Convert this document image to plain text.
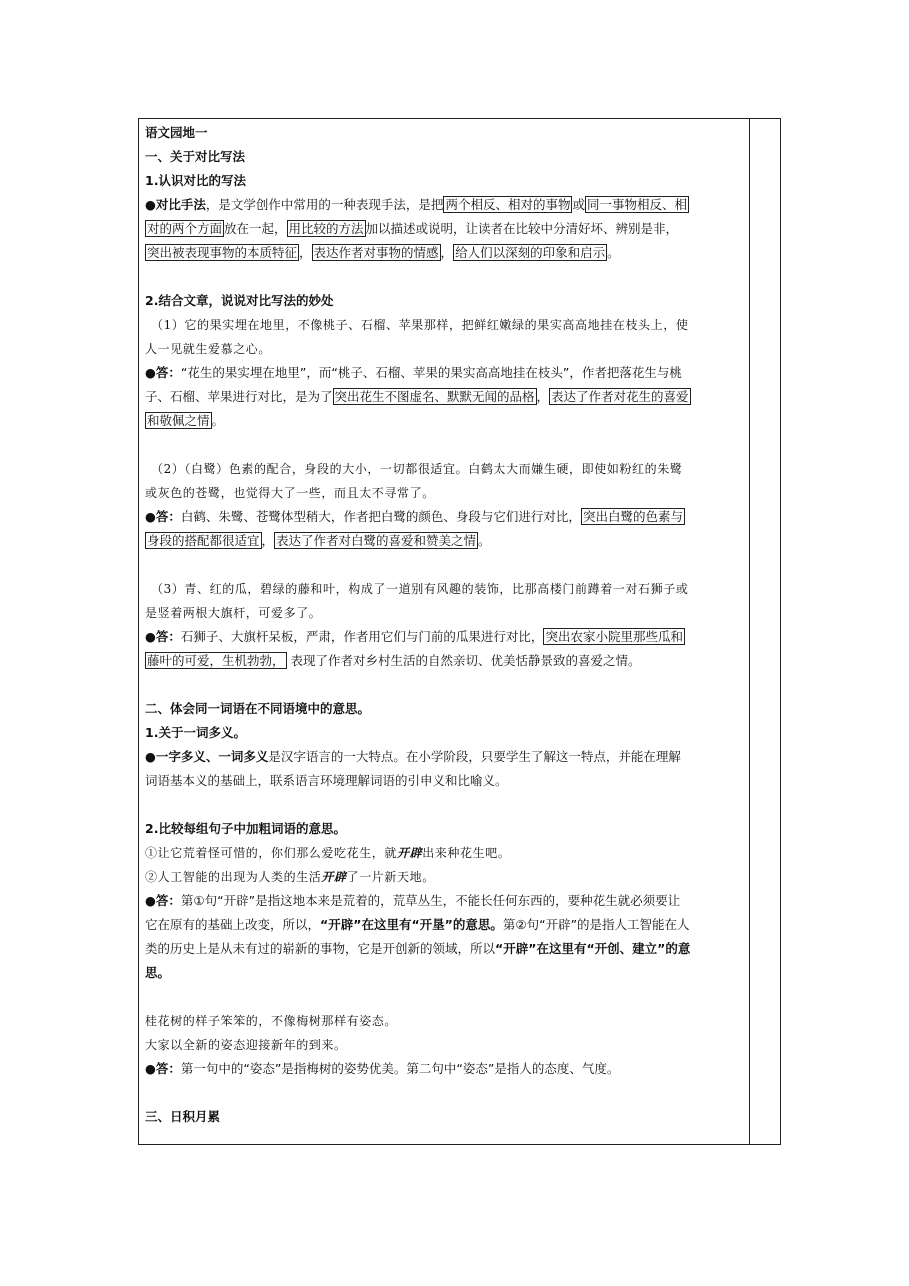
语文园地一

一、关于对比写法

1.认识对比的写法

●对比手法，是文学创作中常用的一种表现手法，是把 两个相反、相对的事物 或 同一事物相反、相

对的两个方面 放在一起， 用比较的方法 加以描述或说明，让读者在比较中分清好坏、辨别是非，

突出被表现事物的本质特征 ， 表达作者对事物的情感 ， 给人们以深刻的印象和启示 。

2.结合文章，说说对比写法的妙处

（1）它的果实埋在地里，不像桃子、石榴、苹果那样，把鲜红嫩绿的果实高高地挂在枝头上，使

人一见就生爱慕之心。

●答：“花生的果实埋在地里”，而“桃子、石榴、苹果的果实高高地挂在枝头”，作者把落花生与桃

子、石榴、苹果进行对比，是为了 突出花生不图虚名、默默无闻的品格 ， 表达了作者对花生的喜爱

和敬佩之情 。

（2）（白鹭）色素的配合，身段的大小，一切都很适宜。白鹤太大而嫌生硬，即使如粉红的朱鹭

或灰色的苍鹭，也觉得大了一些，而且太不寻常了。

●答：白鹤、朱鹭、苍鹭体型稍大，作者把白鹭的颜色、身段与它们进行对比， 突出白鹭的色素与

身段的搭配都很适宜 ， 表达了作者对白鹭的喜爱和赞美之情 。

（3）青、红的瓜，碧绿的藤和叶，构成了一道别有风趣的装饰，比那高楼门前蹲着一对石狮子或

是竖着两根大旗杆，可爱多了。

●答：石狮子、大旗杆呆板，严肃，作者用它们与门前的瓜果进行对比， 突出农家小院里那些瓜和

藤叶的可爱，生机勃勃， 表现了作者对乡村生活的自然亲切、优美恬静景致的喜爱之情。

二、体会同一词语在不同语境中的意思。

1.关于一词多义。

●一字多义、一词多义是汉字语言的一大特点。在小学阶段，只要学生了解这一特点，并能在理解

词语基本义的基础上，联系语言环境理解词语的引申义和比喻义。

2.比较每组句子中加粗词语的意思。

①让它荒着怪可惜的，你们那么爱吃花生，就开辟出来种花生吧。

②人工智能的出现为人类的生活开辟了一片新天地。

●答：第①句“开辟”是指这地本来是荒着的，荒草丛生，不能长任何东西的，要种花生就必须要让

它在原有的基础上改变，所以，“开辟”在这里有“开垦”的意思。第②句“开辟”的是指人工智能在人

类的历史上是从未有过的崭新的事物，它是开创新的领域，所以“开辟”在这里有“开创、建立”的意

思。

桂花树的样子笨笨的，不像梅树那样有姿态。

大家以全新的姿态迎接新年的到来。

●答：第一句中的“姿态”是指梅树的姿势优美。第二句中“姿态”是指人的态度、气度。

三、日积月累
